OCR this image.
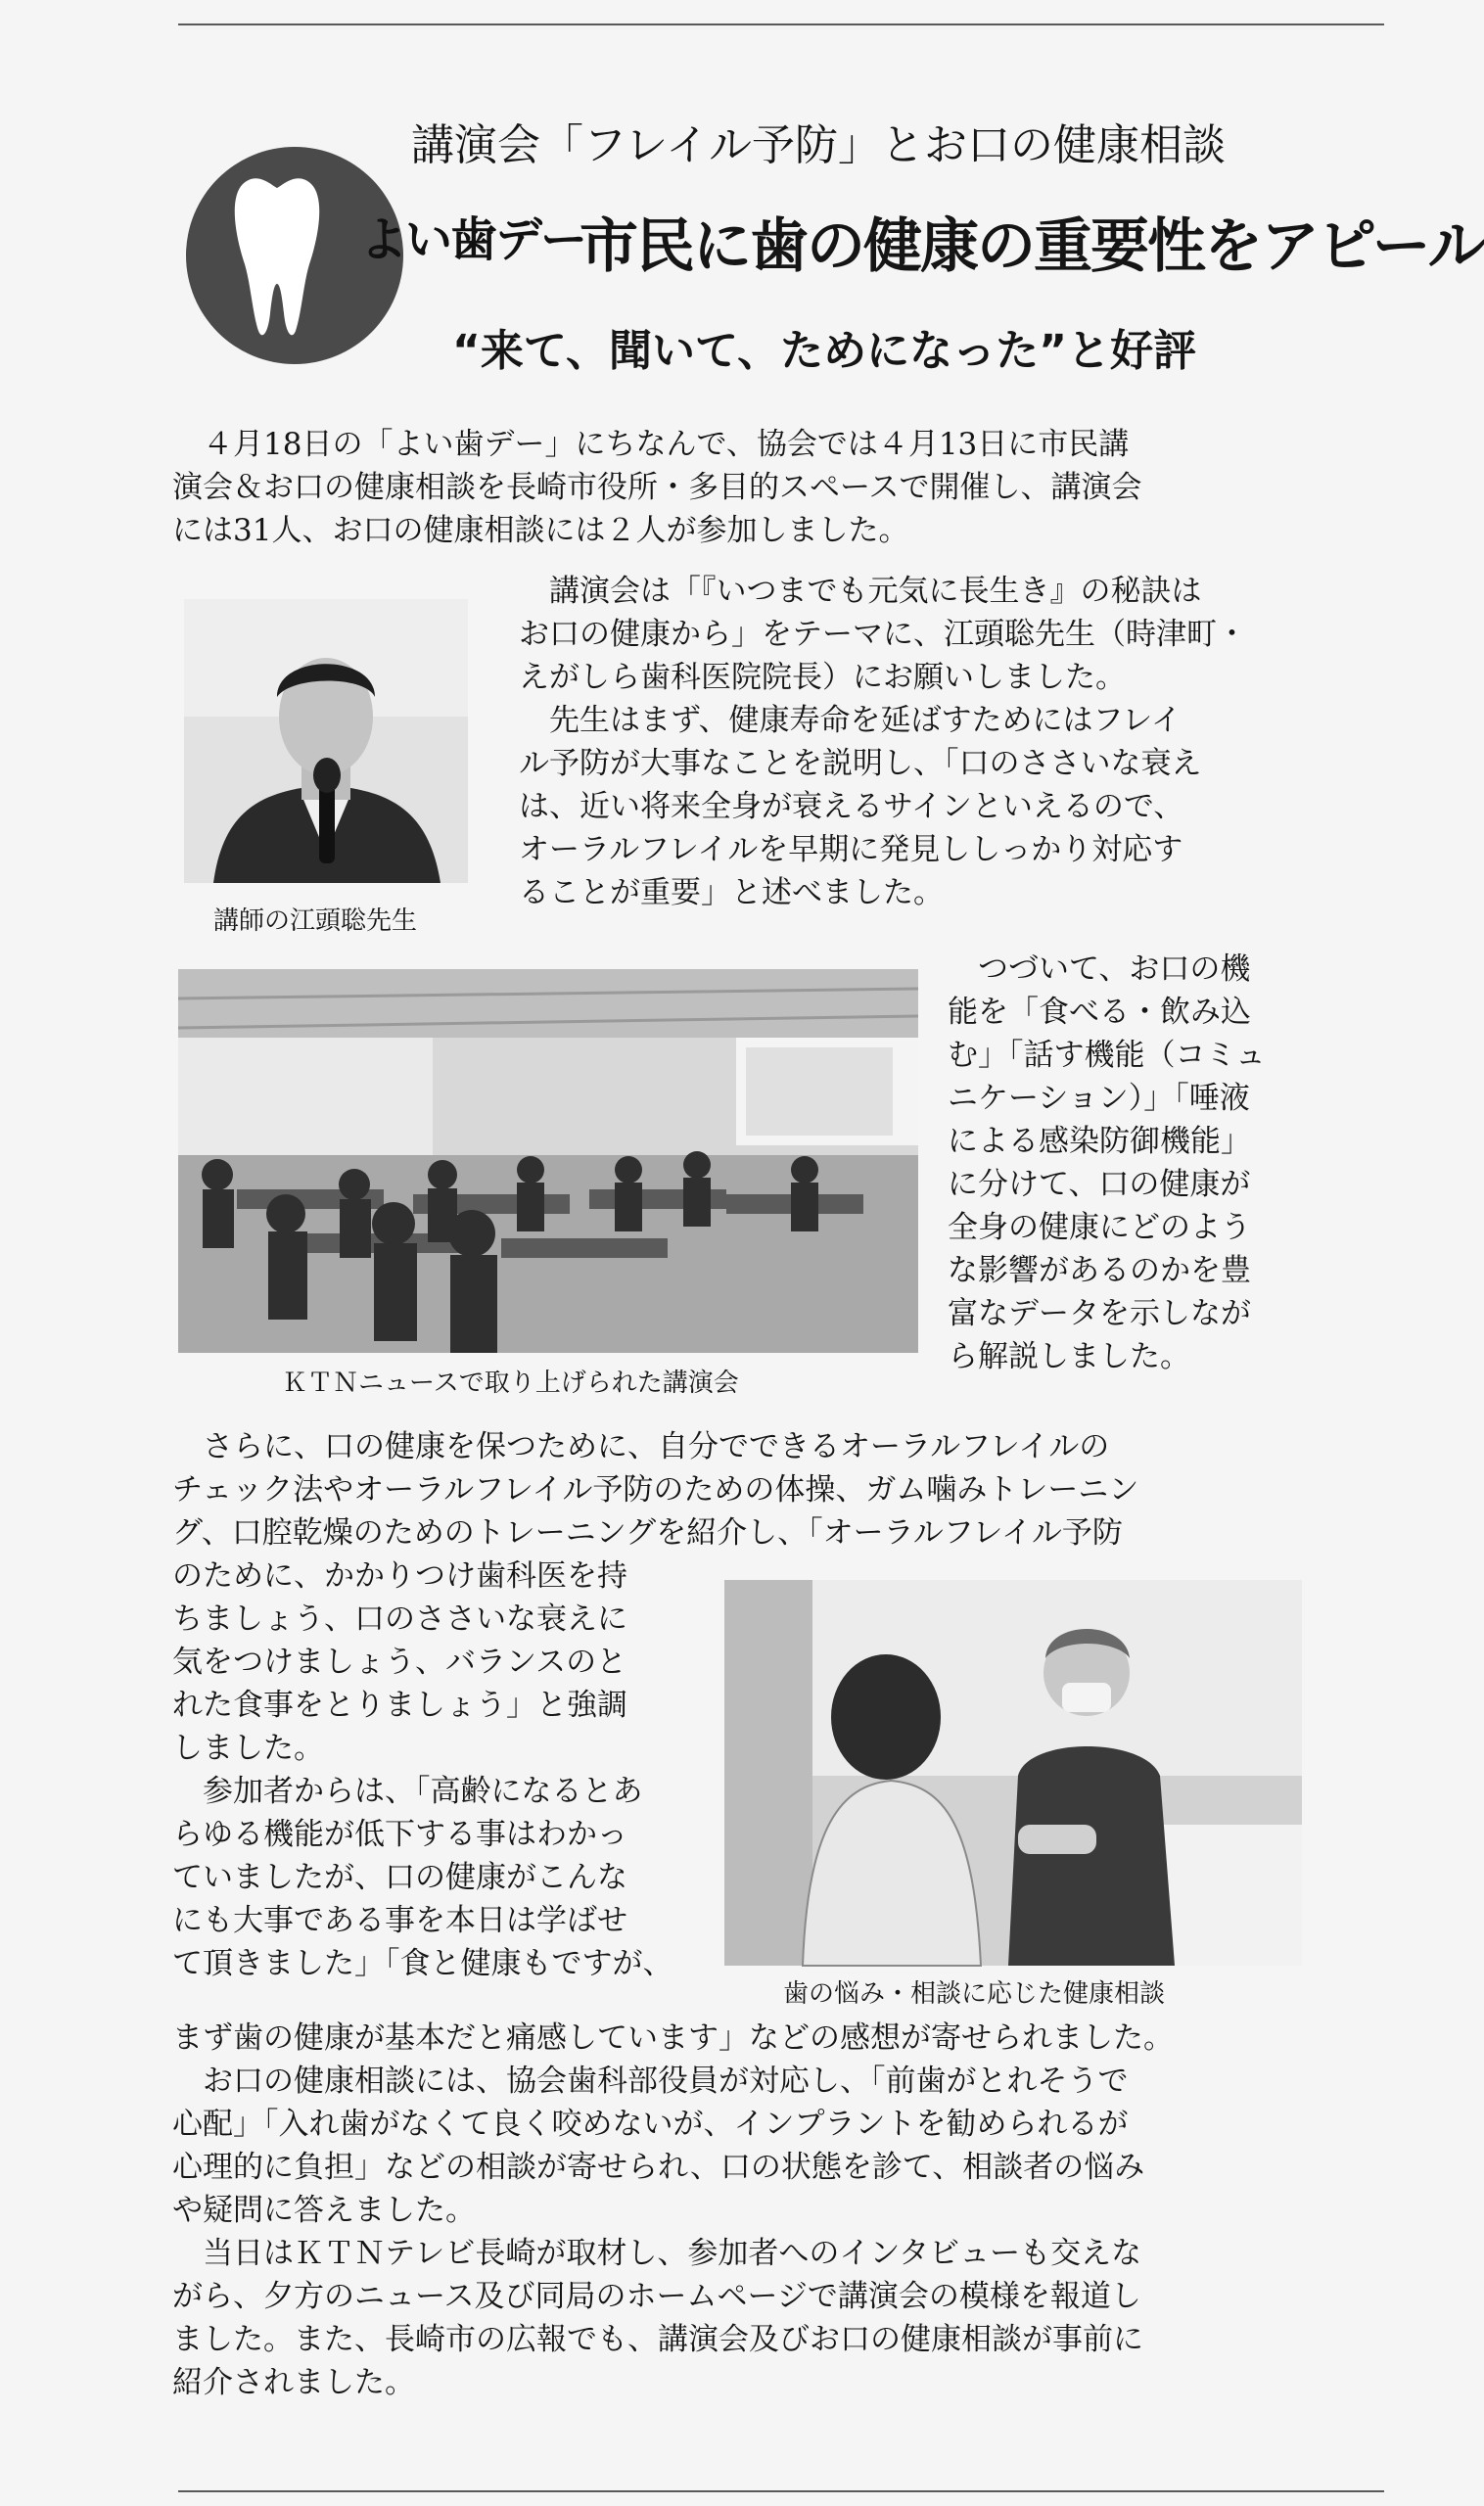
よい歯デー
講演会「フレイル予防」とお口の健康相談
市民に歯の健康の重要性をアピール
“来て、聞いて、ためになった”と好評
　４月18日の「よい歯デー」にちなんで、協会では４月13日に市民講
演会＆お口の健康相談を長崎市役所・多目的スペースで開催し、講演会
には31人、お口の健康相談には２人が参加しました。
講師の江頭聡先生
　講演会は「『いつまでも元気に長生き』の秘訣は
お口の健康から」をテーマに、江頭聡先生（時津町・
えがしら歯科医院院長）にお願いしました。
　先生はまず、健康寿命を延ばすためにはフレイ
ル予防が大事なことを説明し、「口のささいな衰え
は、近い将来全身が衰えるサインといえるので、
オーラルフレイルを早期に発見ししっかり対応す
ることが重要」と述べました。
ＫＴＮニュースで取り上げられた講演会
　つづいて、お口の機
能を「食べる・飲み込
む」「話す機能（コミュ
ニケーション）」「唾液
による感染防御機能」
に分けて、口の健康が
全身の健康にどのよう
な影響があるのかを豊
富なデータを示しなが
ら解説しました。
　さらに、口の健康を保つために、自分でできるオーラルフレイルの
チェック法やオーラルフレイル予防のための体操、ガム噛みトレーニン
グ、口腔乾燥のためのトレーニングを紹介し、「オーラルフレイル予防
のために、かかりつけ歯科医を持
ちましょう、口のささいな衰えに
気をつけましょう、バランスのと
れた食事をとりましょう」と強調
しました。
　参加者からは、「高齢になるとあ
らゆる機能が低下する事はわかっ
ていましたが、口の健康がこんな
にも大事である事を本日は学ばせ
て頂きました」「食と健康もですが、
歯の悩み・相談に応じた健康相談
まず歯の健康が基本だと痛感しています」などの感想が寄せられました。
　お口の健康相談には、協会歯科部役員が対応し、「前歯がとれそうで
心配」「入れ歯がなくて良く咬めないが、インプラントを勧められるが
心理的に負担」などの相談が寄せられ、口の状態を診て、相談者の悩み
や疑問に答えました。
　当日はＫＴＮテレビ長崎が取材し、参加者へのインタビューも交えな
がら、夕方のニュース及び同局のホームページで講演会の模様を報道し
ました。また、長崎市の広報でも、講演会及びお口の健康相談が事前に
紹介されました。
